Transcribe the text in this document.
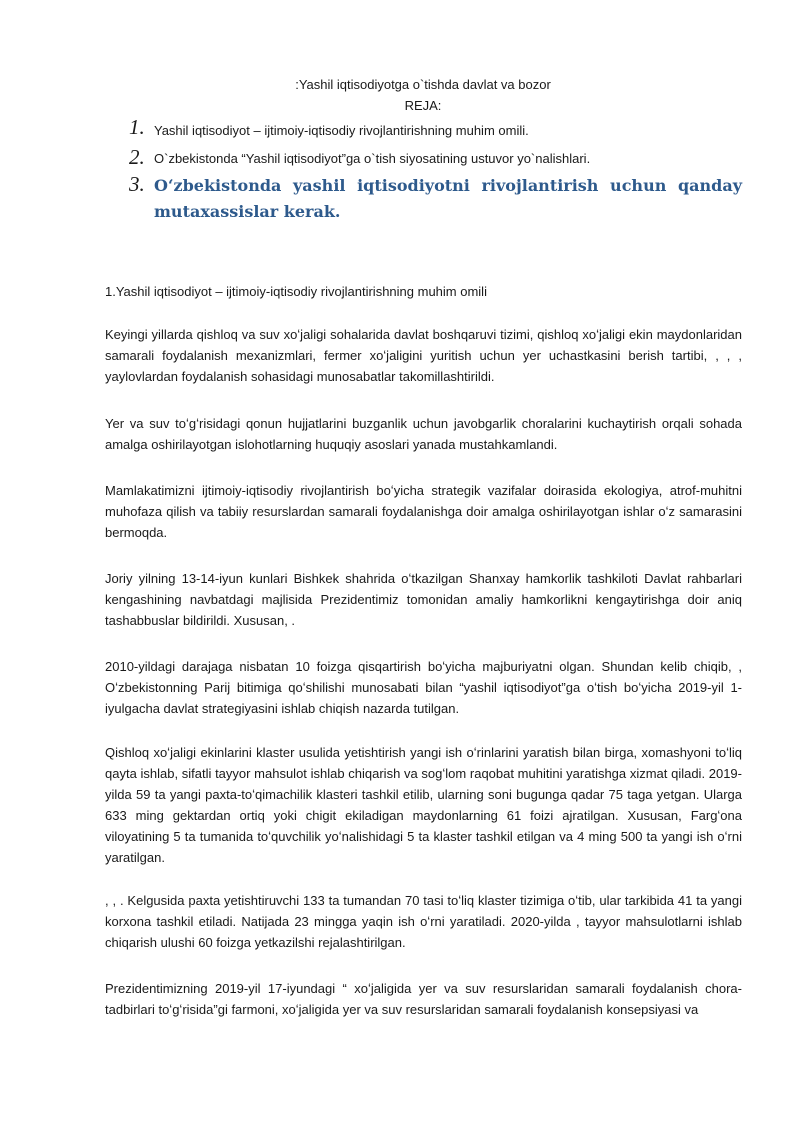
:Yashil iqtisodiyotga o`tishda davlat va bozor
REJA:
1. Yashil iqtisodiyot – ijtimoiy-iqtisodiy rivojlantirishning muhim omili.
2. O`zbekistonda “Yashil iqtisodiyot”ga o`tish siyosatining ustuvor yo`nalishlari.
3. O‘zbekistonda yashil iqtisodiyotni rivojlantirish uchun qanday mutaxassislar kerak.

1.Yashil iqtisodiyot – ijtimoiy-iqtisodiy rivojlantirishning muhim omili

Keyingi yillarda qishloq va suv xoʻjaligi sohalarida davlat boshqaruvi tizimi, qishloq xoʻjaligi ekin maydonlaridan samarali foydalanish mexanizmlari, fermer xoʻjaligini yuritish uchun yer uchastkasini berish tartibi, , , , yaylovlardan foydalanish sohasidagi munosabatlar takomillashtirildi.

Yer va suv toʻgʻrisidagi qonun hujjatlarini buzganlik uchun javobgarlik choralarini kuchaytirish orqali sohada amalga oshirilayotgan islohotlarning huquqiy asoslari yanada mustahkamlandi.

Mamlakatimizni ijtimoiy-iqtisodiy rivojlantirish boʻyicha strategik vazifalar doirasida ekologiya, atrof-muhitni muhofaza qilish va tabiiy resurslardan samarali foydalanishga doir amalga oshirilayotgan ishlar oʻz samarasini bermoqda.

Joriy yilning 13-14-iyun kunlari Bishkek shahrida oʻtkazilgan Shanxay hamkorlik tashkiloti Davlat rahbarlari kengashining navbatdagi majlisida Prezidentimiz tomonidan amaliy hamkorlikni kengaytirishga doir aniq tashabbuslar bildirildi. Xususan, .

2010-yildagi darajaga nisbatan 10 foizga qisqartirish boʻyicha majburiyatni olgan. Shundan kelib chiqib, , Oʻzbekistonning Parij bitimiga qoʻshilishi munosabati bilan “yashil iqtisodiyot”ga oʻtish boʻyicha 2019-yil 1-iyulgacha davlat strategiyasini ishlab chiqish nazarda tutilgan.

Qishloq xoʻjaligi ekinlarini klaster usulida yetishtirish yangi ish oʻrinlarini yaratish bilan birga, xomashyoni toʻliq qayta ishlab, sifatli tayyor mahsulot ishlab chiqarish va sogʻlom raqobat muhitini yaratishga xizmat qiladi. 2019-yilda 59 ta yangi paxta-toʻqimachilik klasteri tashkil etilib, ularning soni bugunga qadar 75 taga yetgan. Ularga 633 ming gektardan ortiq yoki chigit ekiladigan maydonlarning 61 foizi ajratilgan. Xususan, Fargʻona viloyatining 5 ta tumanida toʻquvchilik yoʻnalishidagi 5 ta klaster tashkil etilgan va 4 ming 500 ta yangi ish oʻrni yaratilgan.

, , . Kelgusida paxta yetishtiruvchi 133 ta tumandan 70 tasi toʻliq klaster tizimiga oʻtib, ular tarkibida 41 ta yangi korxona tashkil etiladi. Natijada 23 mingga yaqin ish oʻrni yaratiladi. 2020-yilda , tayyor mahsulotlarni ishlab chiqarish ulushi 60 foizga yetkazilshi rejalashtirilgan.

Prezidentimizning 2019-yil 17-iyundagi “ xoʻjaligida yer va suv resurslaridan samarali foydalanish chora-tadbirlari toʻgʻrisida”gi farmoni, xoʻjaligida yer va suv resurslaridan samarali foydalanish konsepsiyasi va
